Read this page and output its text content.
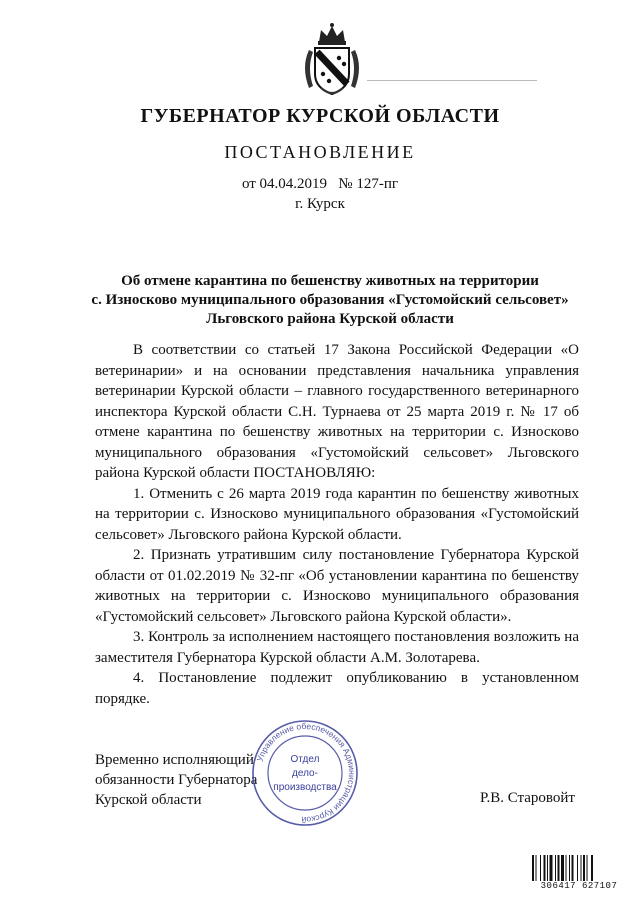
ГУБЕРНАТОР КУРСКОЙ ОБЛАСТИ
ПОСТАНОВЛЕНИЕ
от 04.04.2019   № 127-пг
г. Курск
Об отмене карантина по бешенству животных на территории
с. Износково муниципального образования «Густомойский сельсовет»
Льговского района Курской области

В соответствии со статьей 17 Закона Российской Федерации «О ветеринарии» и на основании представления начальника управления ветеринарии Курской области – главного государственного ветеринарного инспектора Курской области С.Н. Турнаева от 25 марта 2019 г. № 17 об отмене карантина по бешенству животных на территории с. Износково муниципального образования «Густомойский сельсовет» Льговского района Курской области ПОСТАНОВЛЯЮ:

1. Отменить с 26 марта 2019 года карантин по бешенству животных на территории с. Износково муниципального образования «Густомойский сельсовет» Льговского района Курской области.

2. Признать утратившим силу постановление Губернатора Курской области от 01.02.2019 № 32-пг «Об установлении карантина по бешенству животных на территории с. Износково муниципального образования «Густомойский сельсовет» Льговского района Курской области».

3. Контроль за исполнением настоящего постановления возложить на заместителя Губернатора Курской области А.М. Золотарева.

4. Постановление подлежит опубликованию в установленном порядке.

Временно исполняющий
обязанности Губернатора
Курской области	Р.В. Старовойт
Управление обеспечения Администрации Курской
Отдел
дело-
производства
306417 627107
